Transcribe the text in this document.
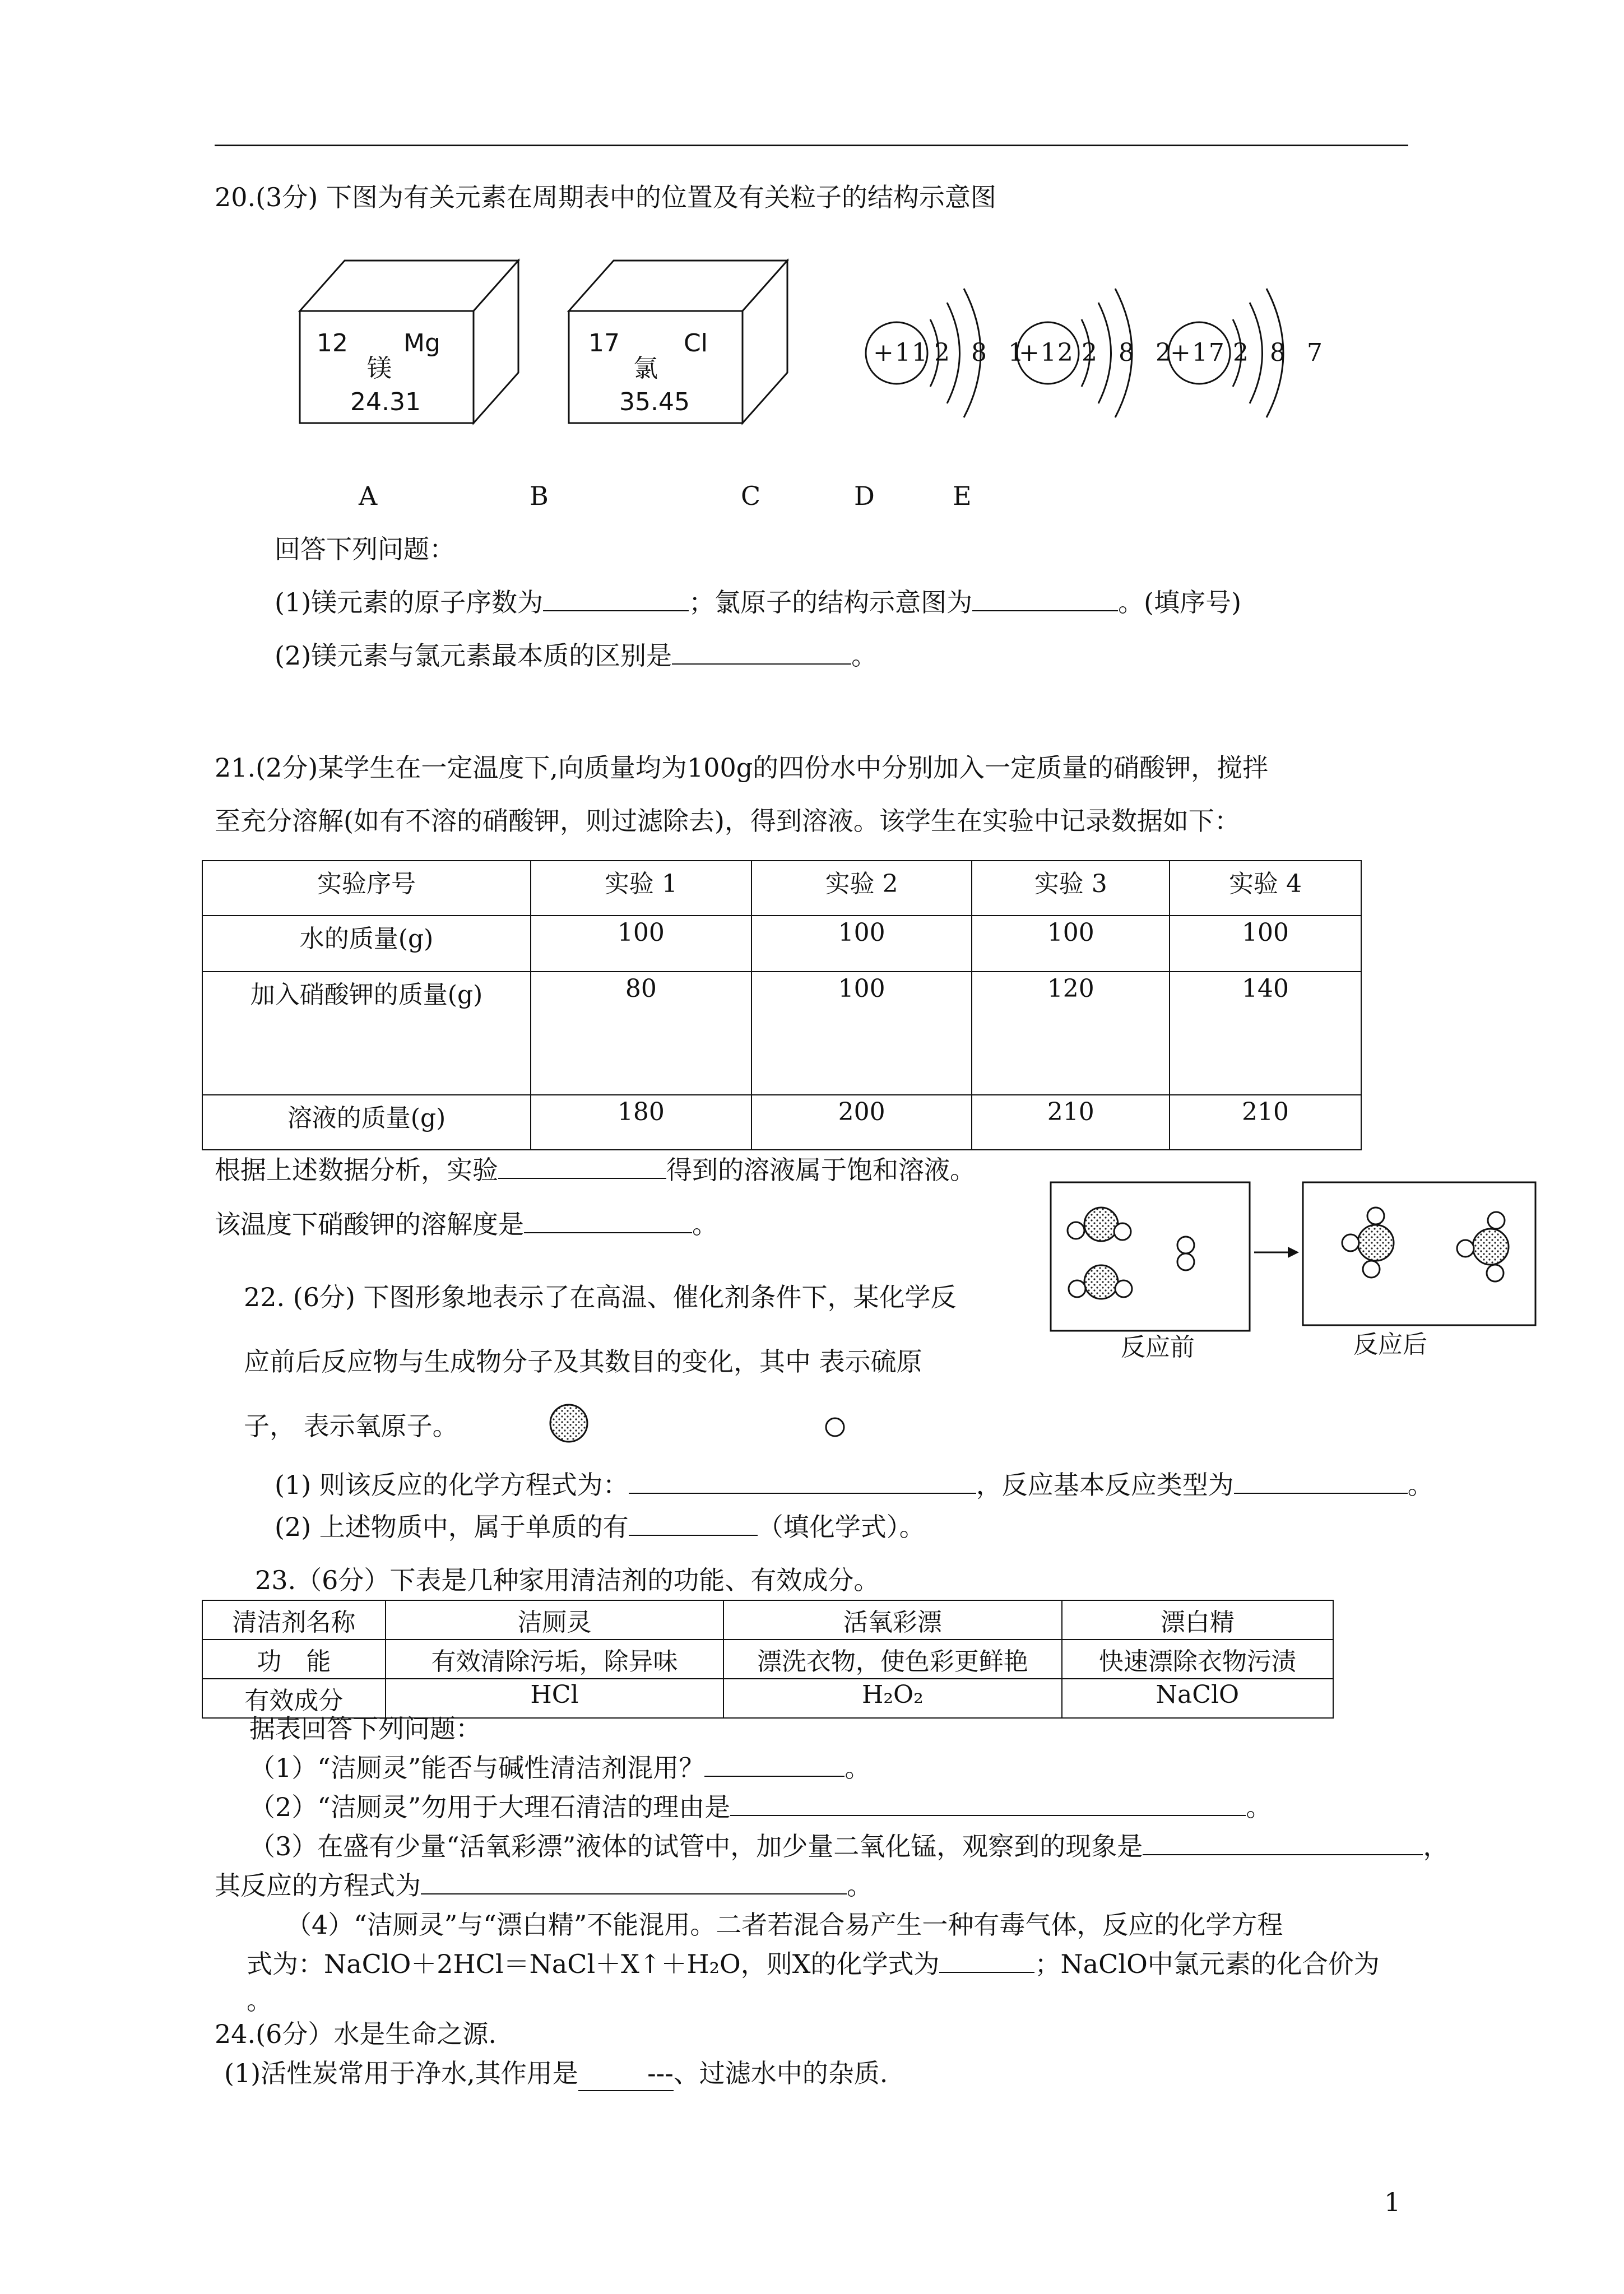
20.(3分) 下图为有关元素在周期表中的位置及有关粒子的结构示意图
12 Mg
镁
24.31
17	Cl
氯
35.45
+11 2 8 1
+12 2 8 2
+17 2 8 7
A	B	C	D	E
回答下列问题：
(1)镁元素的原子序数为	；氯原子的结构示意图为	。(填序号)
(2)镁元素与氯元素最本质的区别是	。
21.(2分)某学生在一定温度下,向质量均为100g的四份水中分别加入一定质量的硝酸钾，搅拌
至充分溶解(如有不溶的硝酸钾，则过滤除去)，得到溶液。该学生在实验中记录数据如下：
实验序号	实验 1	实验 2	实验 3	实验 4
水的质量(g)	100	100	100	100
加入硝酸钾的质量(g)	80	100	120	140
溶液的质量(g)	180	200	210	210
根据上述数据分析，实验	得到的溶液属于饱和溶液。
该温度下硝酸钾的溶解度是	。
反应前	反应后
22. (6分) 下图形象地表示了在高温、催化剂条件下，某化学反
应前后反应物与生成物分子及其数目的变化，其中 表示硫原
子， 表示氧原子。
(1) 则该反应的化学方程式为：	，反应基本反应类型为	。
(2) 上述物质中，属于单质的有	（填化学式）。
23.（6分）下表是几种家用清洁剂的功能、有效成分。
清洁剂名称	洁厕灵	活氧彩漂	漂白精
功　能	有效清除污垢，除异味	漂洗衣物，使色彩更鲜艳	快速漂除衣物污渍
有效成分	HCl	H₂O₂	NaClO
据表回答下列问题：
（1）“洁厕灵”能否与碱性清洁剂混用？	。
（2）“洁厕灵”勿用于大理石清洁的理由是	。
（3）在盛有少量“活氧彩漂”液体的试管中，加少量二氧化锰，观察到的现象是	，
其反应的方程式为	。
（4）“洁厕灵”与“漂白精”不能混用。二者若混合易产生一种有毒气体，反应的化学方程
式为：NaClO＋2HCl＝NaCl＋X↑＋H₂O，则X的化学式为	；NaClO中氯元素的化合价为
。
24.(6分）水是生命之源.
(1)活性炭常用于净水,其作用是	---、过滤水中的杂质.
1
